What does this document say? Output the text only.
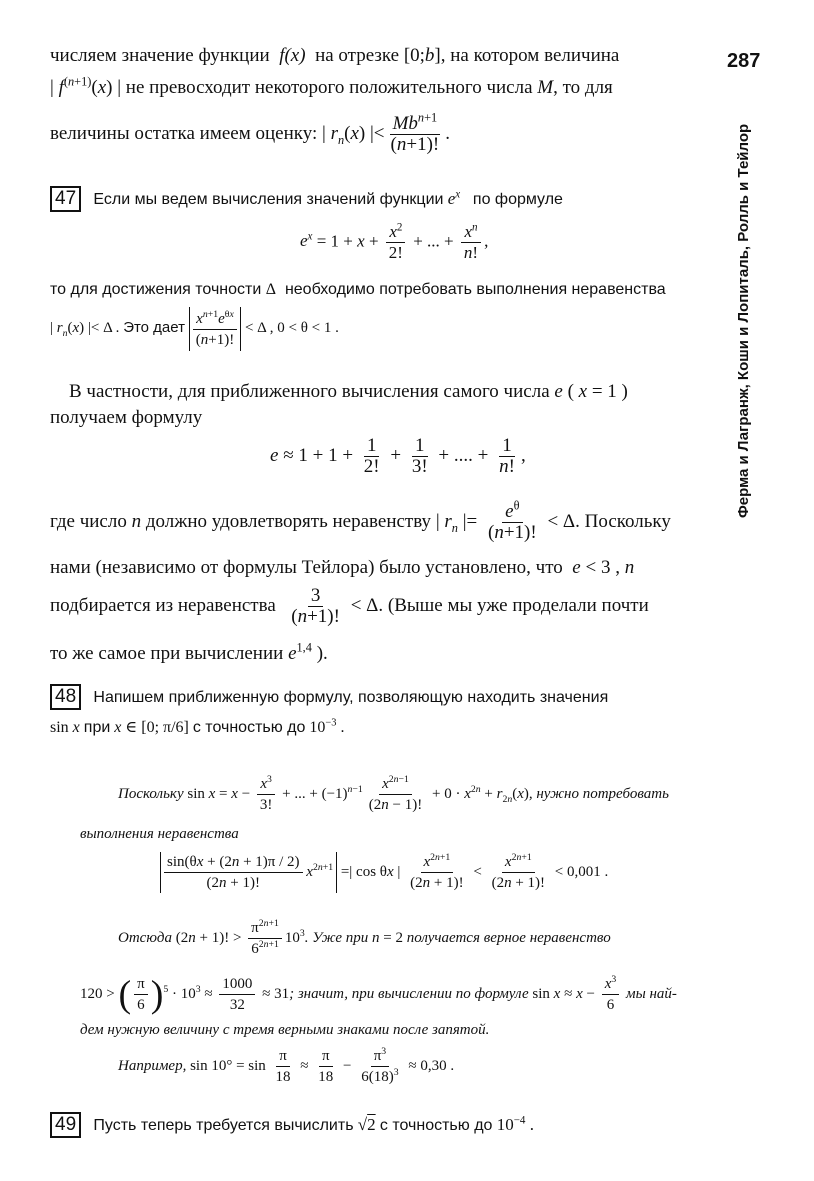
287
Ферма и Лагранж, Коши и Лопиталь, Ролль и Тейлор
числяем значение функции f(x) на отрезке [0;b], на котором величина
| $f^{(n+1)}(x)$ | не превосходит некоторого положительного числа M, то для
величины остатка имеем оценку: | $r_n(x)$ |< $\frac{Mb^{n+1}}{(n+1)!}$ .
47 Если мы ведем вычисления значений функции $e^x$ по формуле
$e^x = 1 + x + \frac{x^2}{2!}$ + ... + $\frac{x^n}{n!}$ ,
то для достижения точности Δ необходимо потребовать выполнения неравенства
| $r_n(x)$ |< Δ . Это дает $\frac{x^{n+1}e^{\theta x}}{(n+1)!} < \Delta$ , 0 < θ < 1 .
В частности, для приближенного вычисления самого числа e ( x = 1 )
получаем формулу
$e \approx 1 + 1 + \frac{1}{2!} + \frac{1}{3!}$ + .... + $\frac{1}{n!}$ ,
где число n должно удовлетворять неравенству | $r_n$ |= $\frac{e^\theta}{(n+1)!} < \Delta$. Поскольку
нами (независимо от формулы Тейлора) было установлено, что e < 3 , n
подбирается из неравенства $\frac{3}{(n+1)!} < \Delta$. (Выше мы уже проделали почти
то же самое при вычислении $e^{1,4}$ ).
48 Напишем приближенную формулу, позволяющую находить значения
sin x при x ∈ [0; π/6] с точностью до $10^{-3}$ .
Поскольку $\sin x = x - \frac{x^3}{3!}$ + ... + $(-1)^{n-1} \frac{x^{2n-1}}{(2n - 1)!} + 0 \cdot x^{2n} + r_{2n}(x)$, нужно потребовать
выполнения неравенства
$\frac{\sin(\theta x + (2n + 1)\pi / 2)}{(2n + 1)!} x^{2n+1}$ =| cos θx | $\frac{x^{2n+1}}{(2n + 1)!} < \frac{x^{2n+1}}{(2n + 1)!} < 0,001$ .
Отсюда (2n + 1)! > $\frac{\pi^{2n+1}}{6^{2n+1}} 10^3$. Уже при n = 2 получается верное неравенство
120 > ( $\frac{\pi}{6} )^5 \cdot 10^3 \approx \frac{1000}{32} \approx 31$; значит, при вычислении по формуле $\sin x \approx x - \frac{x^3}{6}$ мы най-
дем нужную величину с тремя верными знаками после запятой.
Например, $\sin 10^\circ = \sin \frac{\pi}{18} \approx \frac{\pi}{18} - \frac{\pi^3}{6(18)^3} \approx 0,30$ .
49 Пусть теперь требуется вычислить √2 с точностью до $10^{-4}$ .
